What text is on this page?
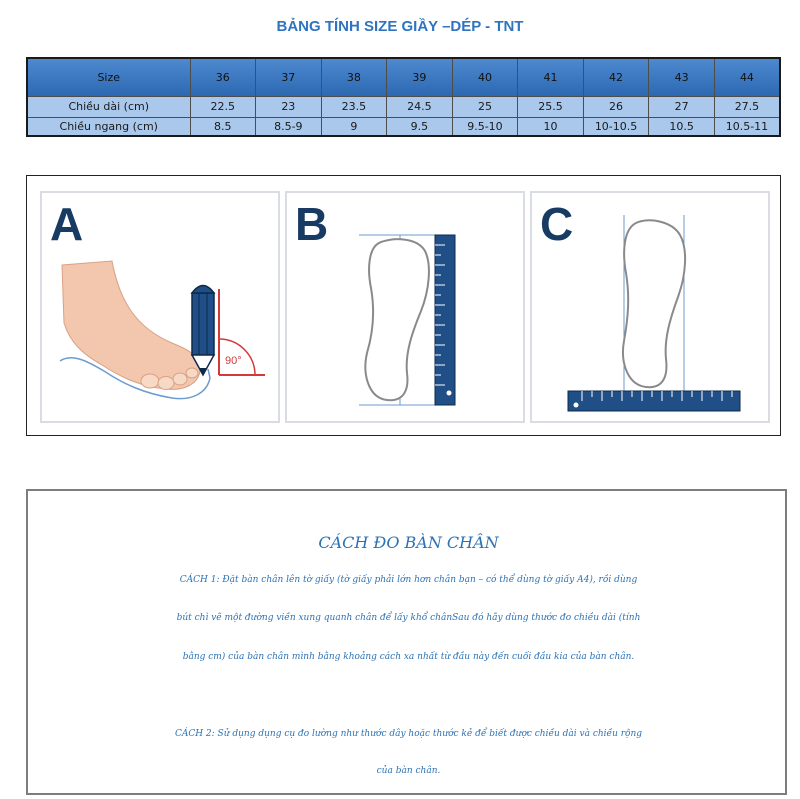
BẢNG TÍNH SIZE GIẦY –DÉP - TNT
Size	36	37	38	39	40	41	42	43	44
Chiều dài (cm)	22.5	23	23.5	24.5	25	25.5	26	27	27.5
Chiều ngang (cm)	8.5	8.5-9	9	9.5	9.5-10	10	10-10.5	10.5	10.5-11
A
90°
B	C
CÁCH ĐO BÀN CHÂN
CÁCH 1: Đặt bàn chân lên tờ giấy (tờ giấy phải lớn hơn chân bạn – có thể dùng tờ giấy A4), rồi dùng
bút chì vẽ một đường viền xung quanh chân để lấy khổ chânSau đó hãy dùng thước đo chiều dài (tính
bằng cm) của bàn chân mình bằng khoảng cách xa nhất từ đầu này đến cuối đầu kia của bàn chân.
CÁCH 2: Sử dụng dụng cụ đo lường như thước dây hoặc thước kẻ để biết được chiều dài và chiều rộng
của bàn chân.
